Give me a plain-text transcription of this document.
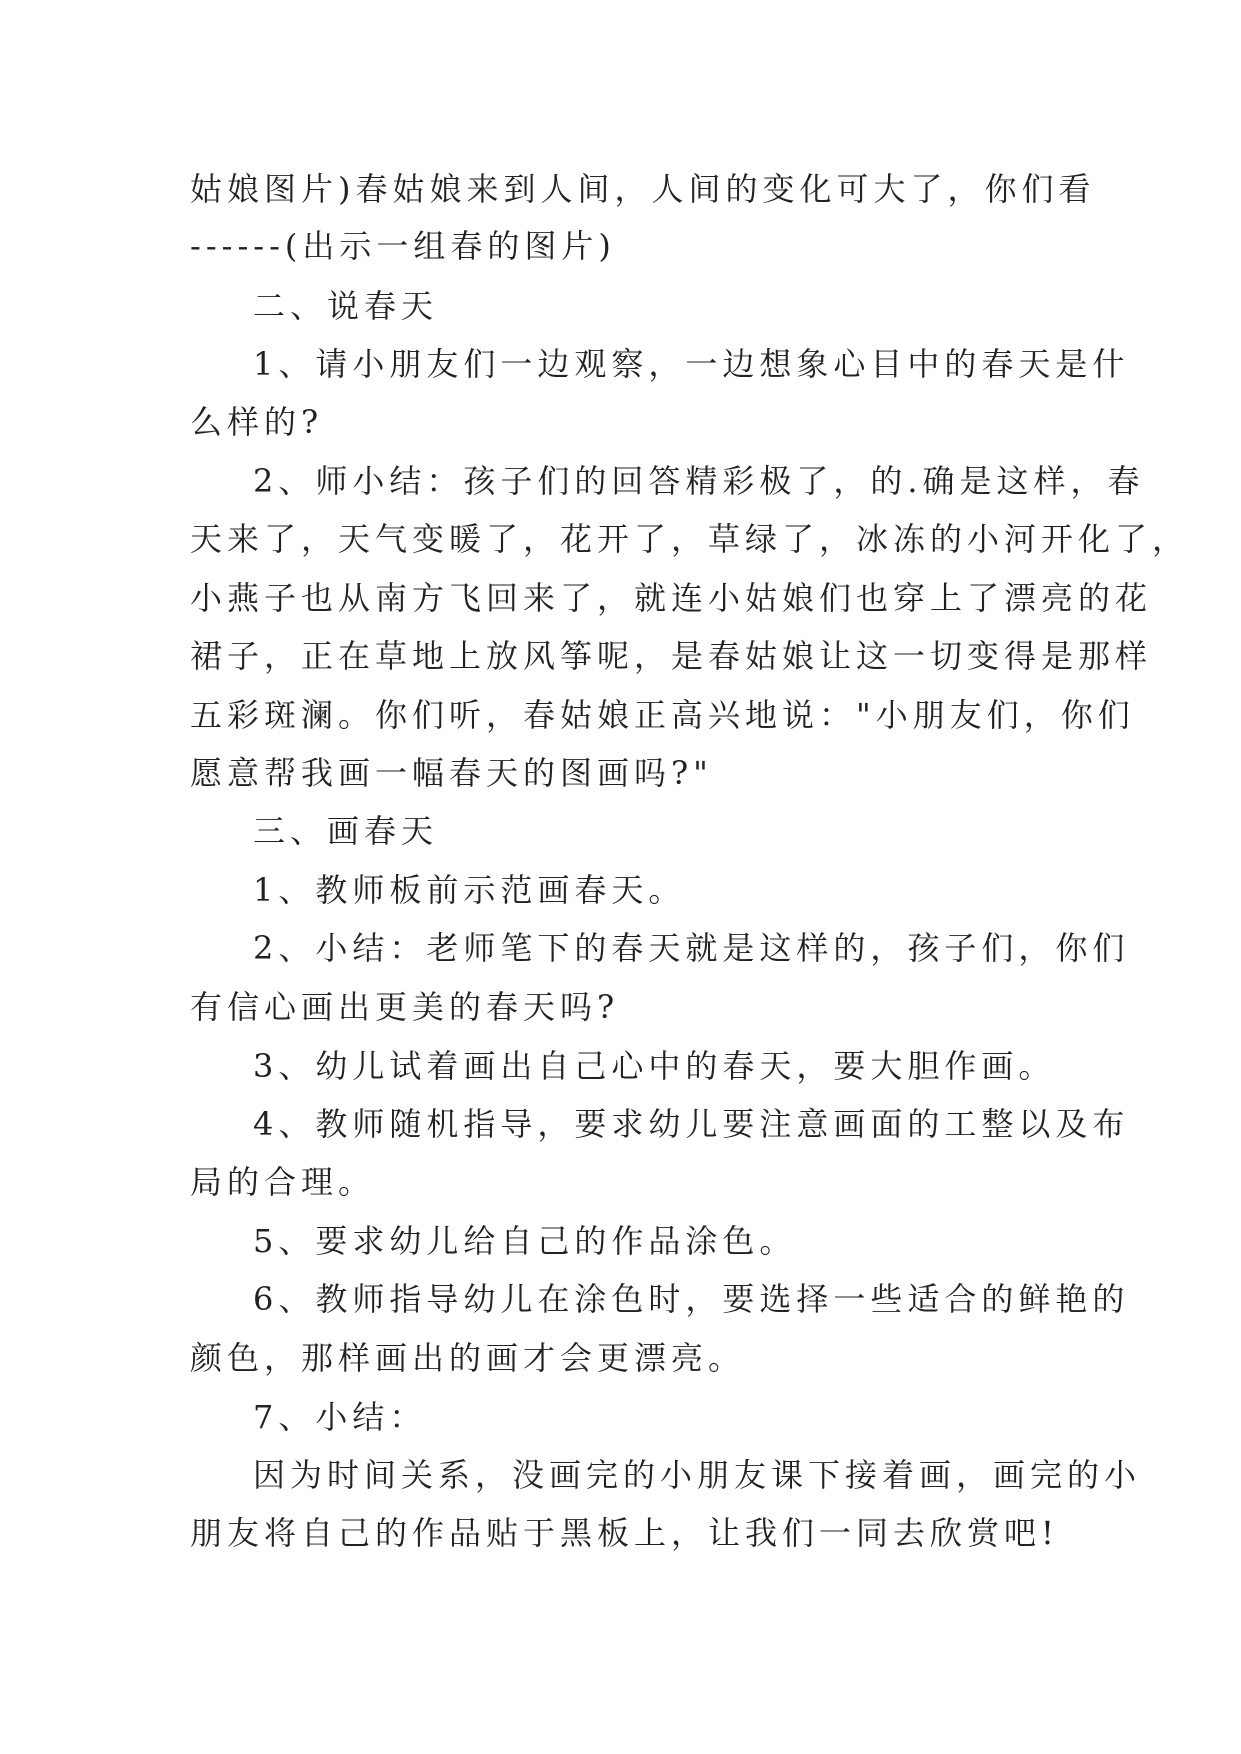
姑娘图片)春姑娘来到人间，人间的变化可大了，你们看
------(出示一组春的图片)
二、说春天
1、请小朋友们一边观察，一边想象心目中的春天是什
么样的?
2、师小结：孩子们的回答精彩极了，的.确是这样，春
天来了，天气变暖了，花开了，草绿了，冰冻的小河开化了，
小燕子也从南方飞回来了，就连小姑娘们也穿上了漂亮的花
裙子，正在草地上放风筝呢，是春姑娘让这一切变得是那样
五彩斑澜。你们听，春姑娘正高兴地说："小朋友们，你们
愿意帮我画一幅春天的图画吗?"
三、画春天
1、教师板前示范画春天。
2、小结：老师笔下的春天就是这样的，孩子们，你们
有信心画出更美的春天吗?
3、幼儿试着画出自己心中的春天，要大胆作画。
4、教师随机指导，要求幼儿要注意画面的工整以及布
局的合理。
5、要求幼儿给自己的作品涂色。
6、教师指导幼儿在涂色时，要选择一些适合的鲜艳的
颜色，那样画出的画才会更漂亮。
7、小结：
因为时间关系，没画完的小朋友课下接着画，画完的小
朋友将自己的作品贴于黑板上，让我们一同去欣赏吧!
